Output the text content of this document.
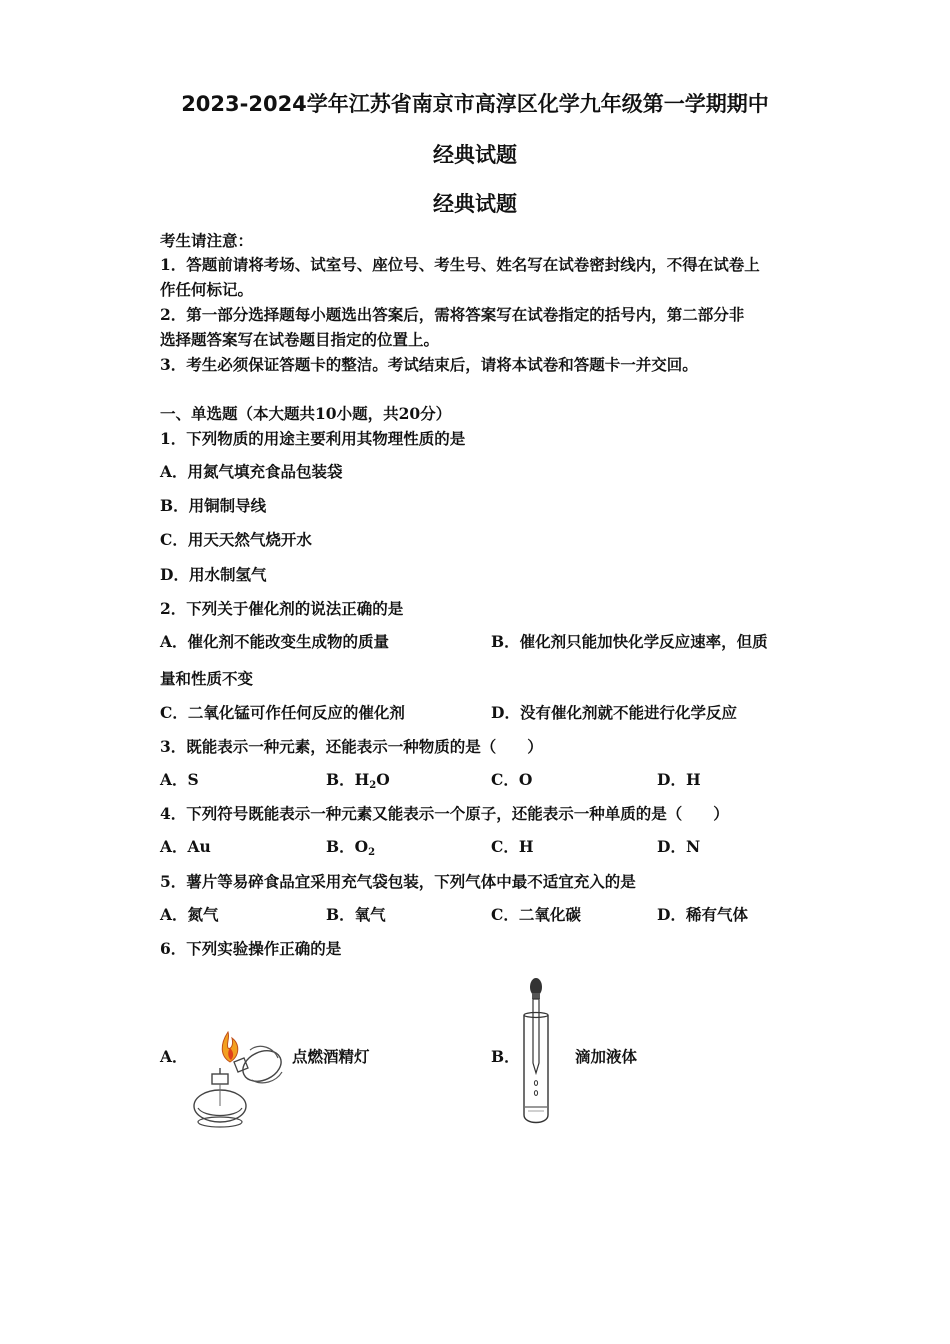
2023-2024学年江苏省南京市高淳区化学九年级第一学期期中
经典试题
经典试题
考生请注意：
1．答题前请将考场、试室号、座位号、考生号、姓名写在试卷密封线内，不得在试卷上
作任何标记。
2．第一部分选择题每小题选出答案后，需将答案写在试卷指定的括号内，第二部分非
选择题答案写在试卷题目指定的位置上。
3．考生必须保证答题卡的整洁。考试结束后，请将本试卷和答题卡一并交回。
一、单选题（本大题共10小题，共20分）
1．下列物质的用途主要利用其物理性质的是
A．用氮气填充食品包装袋
B．用铜制导线
C．用天天然气烧开水
D．用水制氢气
2．下列关于催化剂的说法正确的是
A．催化剂不能改变生成物的质量	B．催化剂只能加快化学反应速率，但质
量和性质不变
C．二氧化锰可作任何反应的催化剂	D．没有催化剂就不能进行化学反应
3．既能表示一种元素，还能表示一种物质的是（　　）
A．S	B．$H_2O$	C．O	D．H
4．下列符号既能表示一种元素又能表示一个原子，还能表示一种单质的是（　　）
A．Au	B．$O_2$	C．H	D．N
5．薯片等易碎食品宜采用充气袋包装，下列气体中最不适宜充入的是
A．氮气	B．氧气	C．二氧化碳	D．稀有气体
6．下列实验操作正确的是
A．	点燃酒精灯	B．	滴加液体
